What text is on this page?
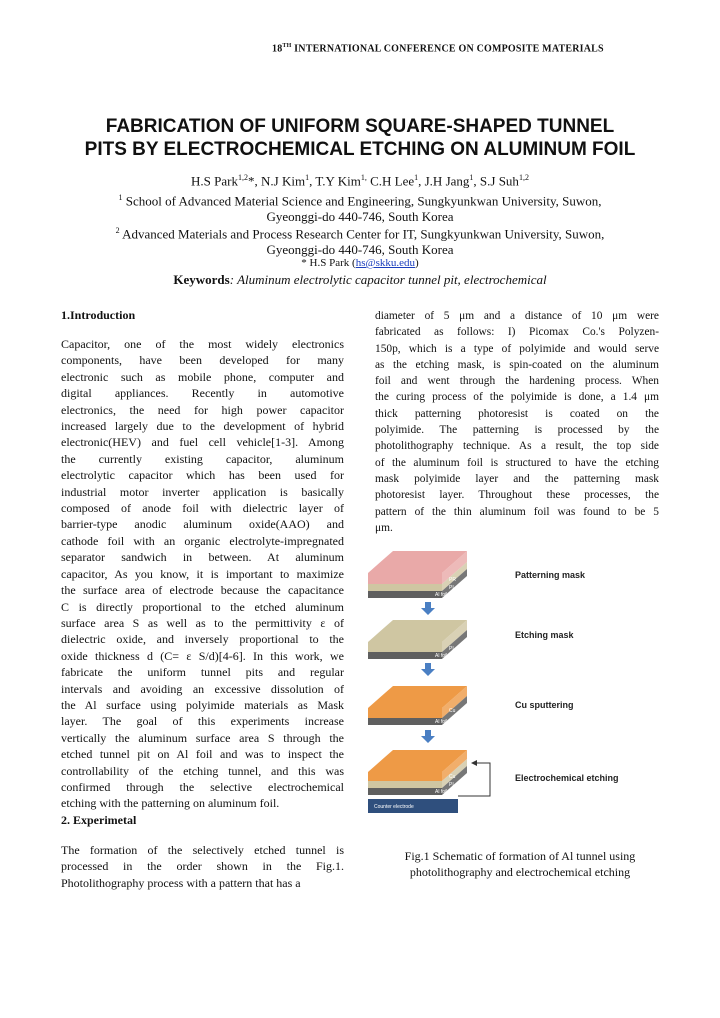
18TH INTERNATIONAL CONFERENCE ON COMPOSITE MATERIALS
FABRICATION OF UNIFORM SQUARE-SHAPED TUNNEL
PITS BY ELECTROCHEMICAL ETCHING ON ALUMINUM FOIL
H.S Park$^{1,2}$*, N.J Kim$^1$, T.Y Kim$^{1,}$ C.H Lee$^1$, J.H Jang$^1$, S.J Suh$^{1,2}$
$^1$ School of Advanced Material Science and Engineering, Sungkyunkwan University, Suwon,
Gyeonggi-do 440-746, South Korea
$^2$ Advanced Materials and Process Research Center for IT, Sungkyunkwan University, Suwon,
Gyeonggi-do 440-746, South Korea
* H.S Park (hs@skku.edu)
Keywords: Aluminum electrolytic capacitor tunnel pit, electrochemical
1.Introduction
Capacitor, one of the most widely electronics
components, have been developed for many
electronic such as mobile phone, computer and
digital appliances. Recently in automotive
electronics, the need for high power capacitor
increased largely due to the development of hybrid
electronic(HEV) and fuel cell vehicle[1-3]. Among
the currently existing capacitor, aluminum
electrolytic capacitor which has been used for
industrial motor inverter application is basically
composed of anode foil with dielectric layer of
barrier-type anodic aluminum oxide(AAO) and
cathode foil with an organic electrolyte-impregnated
separator sandwich in between. At aluminum
capacitor, As you know, it is important to maximize
the surface area of electrode because the capacitance
C is directly proportional to the etched aluminum
surface area S as well as to the permittivity ε of
dielectric oxide, and inversely proportional to the
oxide thickness d (C= ε S/d)[4-6]. In this work, we
fabricate the uniform tunnel pits and regular
intervals and avoiding an excessive dissolution of
the Al surface using polyimide materials as Mask
layer. The goal of this experiments increase
vertically the aluminum surface area S through the
etched tunnel pit on Al foil and was to inspect the
controllability of the etching tunnel, and this was
confirmed through the selective electrochemical
etching with the patterning on aluminum foil.
2. Experimetal
The formation of the selectively etched tunnel is
processed in the order shown in the Fig.1.
Photolithography process with a pattern that has a
diameter of 5 μm and a distance of 10 μm were
fabricated as follows: I) Picomax Co.'s Polyzen-
150p, which is a type of polyimide and would serve
as the etching mask, is spin-coated on the aluminum
foil and went through the hardening process. When
the curing process of the polyimide is done, a 1.4 μm
thick patterning photoresist is coated on the
polyimide. The patterning is processed by the
photolithography technique. As a result, the top side
of the aluminum foil is structured to have the etching
mask polyimide layer and the patterning mask
photoresist layer. Throughout these processes, the
pattern of the thin aluminum foil was found to be 5
μm.
PR
PI
Al foil
Patterning mask
PI
Al foil
Etching mask
Cu
Al foil
Cu sputtering
Cu
PI
Al foil
Counter electrode
Electrochemical etching
Fig.1 Schematic of formation of Al tunnel using
photolithography and electrochemical etching
